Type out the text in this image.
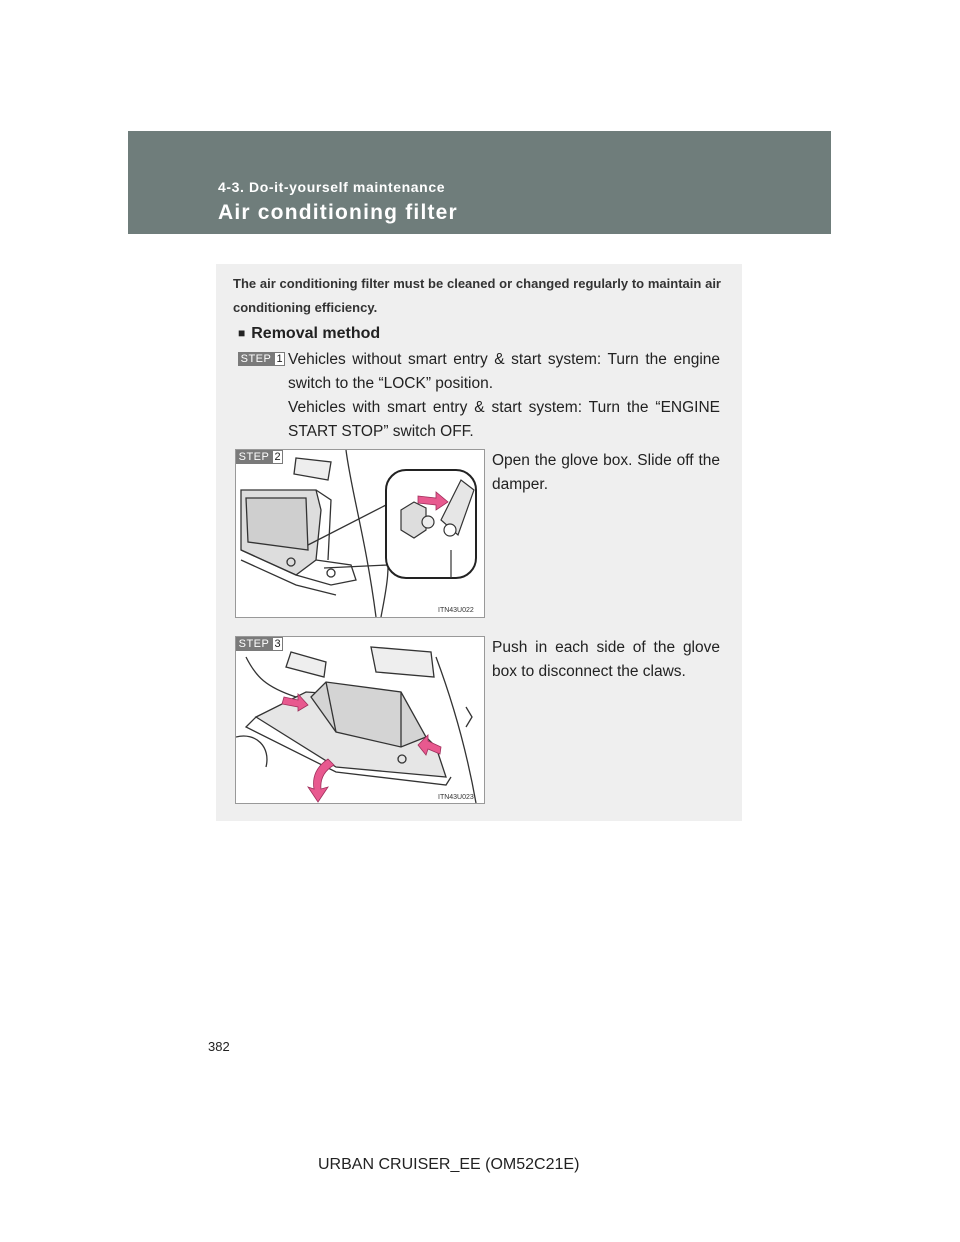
4-3. Do-it-yourself maintenance
Air conditioning filter
The air conditioning filter must be cleaned or changed regularly to maintain air conditioning efficiency.
■ Removal method
STEP 1 Vehicles without smart entry & start system: Turn the engine switch to the “LOCK” position.

Vehicles with smart entry & start system: Turn the “ENGINE START STOP” switch OFF.

ITN43U022
STEP 2	Open the glove box. Slide off the damper.
ITN43U023
STEP 3	Push in each side of the glove box to disconnect the claws.
382
URBAN CRUISER_EE (OM52C21E)
